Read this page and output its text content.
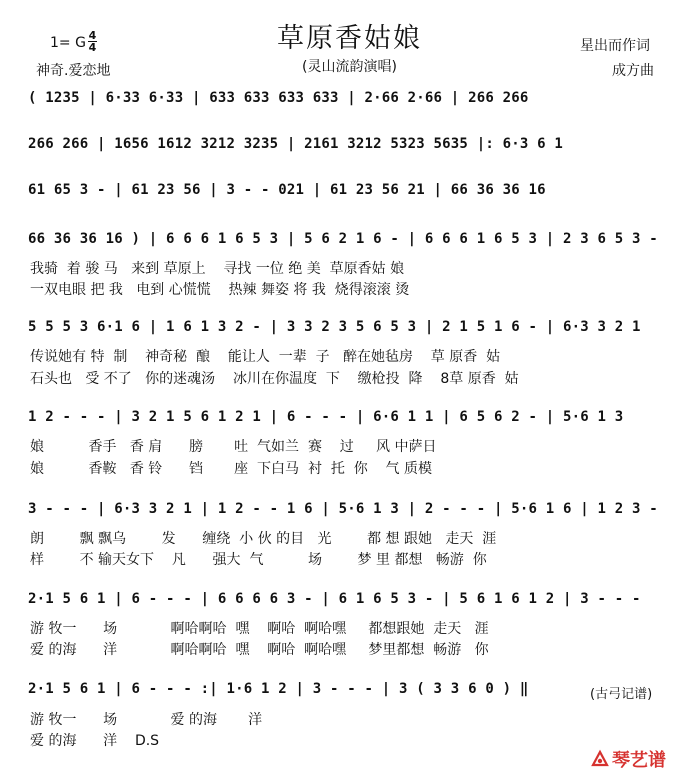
草原香姑娘
(灵山流韵演唱)
1= G 4
4
神奇.爱恋地
星出而作词
成方曲
( 1235 | 6·33 6·33 | 633 633 633 633 | 2·66 2·66 | 266 266
266 266 | 1656 1612 3212 3235 | 2161 3212 5323 5635 |: 6·3 6 1
61 65 3 - | 61 23 56 | 3 - - 021 | 61 23 56 21 | 66 36 36 16
66 36 36 16 ) | 6 6 6 1 6 5 3 | 5 6 2 1 6 - | 6 6 6 1 6 5 3 | 2 3 6 5 3 -
我骑  着 骏 马   来到 草原上    寻找 一位 绝 美  草原香姑 娘
一双电眼 把 我   电到 心慌慌    热辣 舞姿 将 我  烧得滚滚 烫
5 5 5 3 6·1 6 | 1 6 1 3 2 - | 3 3 2 3 5 6 5 3 | 2 1 5 1 6 - | 6·3 3 2 1
传说她有 特  制    神奇秘  酿    能让人  一辈  子   醉在她毡房    草 原香  姑
石头也   受 不了   你的迷魂汤    冰川在你温度  下    缴枪投  降    8草 原香  姑
1 2 - - - | 3 2 1 5 6 1 2 1 | 6 - - - | 6·6 1 1 | 6 5 6 2 - | 5·6 1 3
娘          香手   香 肩      膀       吐  气如兰  赛    过     风 中萨日
娘          香鞍   香 铃      铛       座  下白马  衬  托  你    气 质模
3 - - - | 6·3 3 2 1 | 1 2 - - 1 6 | 5·6 1 3 | 2 - - - | 5·6 1 6 | 1 2 3 -
朗        飘 飘乌        发      缠绕  小 伙 的目   光        都 想 跟她   走天  涯
样        不 输天女下    凡      强大  气          场        梦 里 都想   畅游  你
2·1 5 6 1 | 6 - - - | 6 6 6 6 3 - | 6 1 6 5 3 - | 5 6 1 6 1 2 | 3 - - -
游 牧一      场            啊哈啊哈  嘿    啊哈  啊哈嘿     都想跟她  走天   涯
爱 的海      洋            啊哈啊哈  嘿    啊哈  啊哈嘿     梦里都想  畅游   你
2·1 5 6 1 | 6 - - - :| 1·6 1 2 | 3 - - - | 3 ( 3 3 6 0 ) ‖	(古弓记谱)
游 牧一      场            爱 的海       洋
爱 的海      洋    D.S
琴艺谱
